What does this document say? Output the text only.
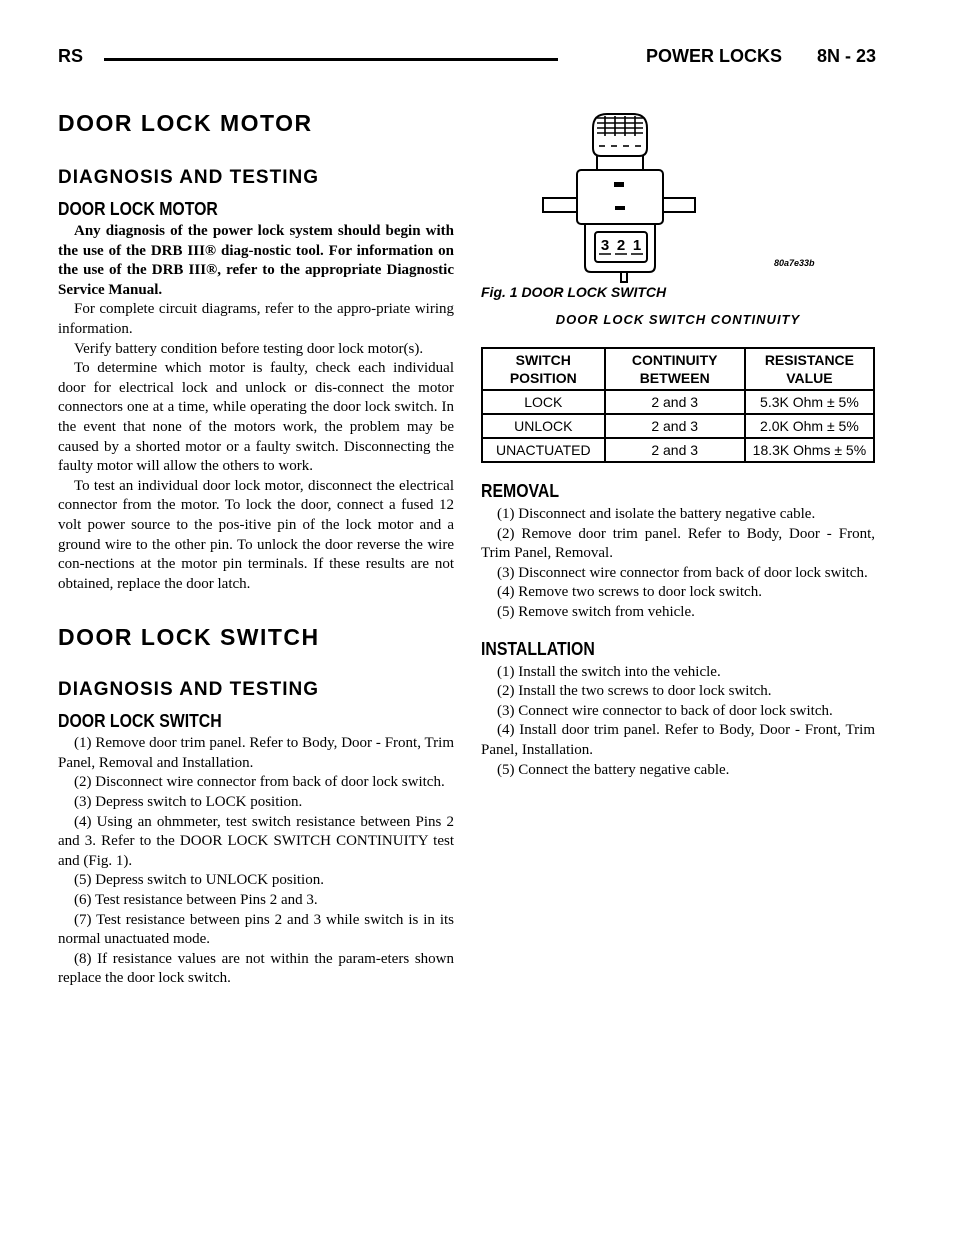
RS	POWER LOCKS 8N - 23
DOOR LOCK MOTOR
DIAGNOSIS AND TESTING
DOOR LOCK MOTOR

Any diagnosis of the power lock system should begin with the use of the DRB III® diag-nostic tool. For information on the use of the DRB III®, refer to the appropriate Diagnostic Service Manual.

For complete circuit diagrams, refer to the appro-priate wiring information.

Verify battery condition before testing door lock motor(s).

To determine which motor is faulty, check each individual door for electrical lock and unlock or dis-connect the motor connectors one at a time, while operating the door lock switch. In the event that none of the motors work, the problem may be caused by a shorted motor or a faulty switch. Disconnecting the faulty motor will allow the others to work.

To test an individual door lock motor, disconnect the electrical connector from the motor. To lock the door, connect a fused 12 volt power source to the pos-itive pin of the lock motor and a ground wire to the other pin. To unlock the door reverse the wire con-nections at the motor pin terminals. If these results are not obtained, replace the door latch.

DOOR LOCK SWITCH
DIAGNOSIS AND TESTING
DOOR LOCK SWITCH

(1) Remove door trim panel. Refer to Body, Door - Front, Trim Panel, Removal and Installation.

(2) Disconnect wire connector from back of door lock switch.

(3) Depress switch to LOCK position.

(4) Using an ohmmeter, test switch resistance between Pins 2 and 3. Refer to the DOOR LOCK SWITCH CONTINUITY test and (Fig. 1).

(5) Depress switch to UNLOCK position.

(6) Test resistance between Pins 2 and 3.

(7) Test resistance between pins 2 and 3 while switch is in its normal unactuated mode.

(8) If resistance values are not within the param-eters shown replace the door lock switch.

3 2 1
80a7e33b

Fig. 1 DOOR LOCK SWITCH

DOOR LOCK SWITCH CONTINUITY

SWITCH POSITION	CONTINUITY BETWEEN	RESISTANCE VALUE
LOCK	2 and 3	5.3K Ohm ± 5%
UNLOCK	2 and 3	2.0K Ohm ± 5%
UNACTUATED	2 and 3	18.3K Ohms ± 5%
REMOVAL

(1) Disconnect and isolate the battery negative cable.

(2) Remove door trim panel. Refer to Body, Door - Front, Trim Panel, Removal.

(3) Disconnect wire connector from back of door lock switch.

(4) Remove two screws to door lock switch.

(5) Remove switch from vehicle.

INSTALLATION

(1) Install the switch into the vehicle.

(2) Install the two screws to door lock switch.

(3) Connect wire connector to back of door lock switch.

(4) Install door trim panel. Refer to Body, Door - Front, Trim Panel, Installation.

(5) Connect the battery negative cable.
